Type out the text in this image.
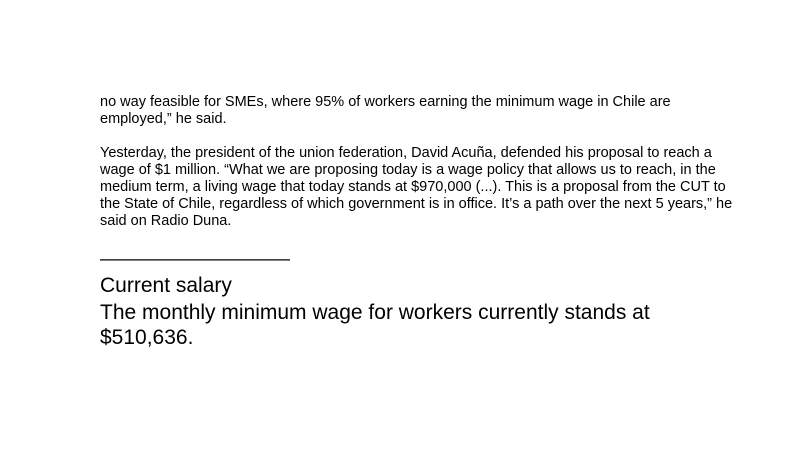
no way feasible for SMEs, where 95% of workers earning the minimum wage in Chile are employed,” he said.

Yesterday, the president of the union federation, David Acuña, defended his proposal to reach a wage of $1 million. “What we are proposing today is a wage policy that allows us to reach, in the medium term, a living wage that today stands at $970,000 (...). This is a proposal from the CUT to the State of Chile, regardless of which government is in office. It’s a path over the next 5 years,” he said on Radio Duna.

——————————
Current salary
The monthly minimum wage for workers currently stands at $510,636.
